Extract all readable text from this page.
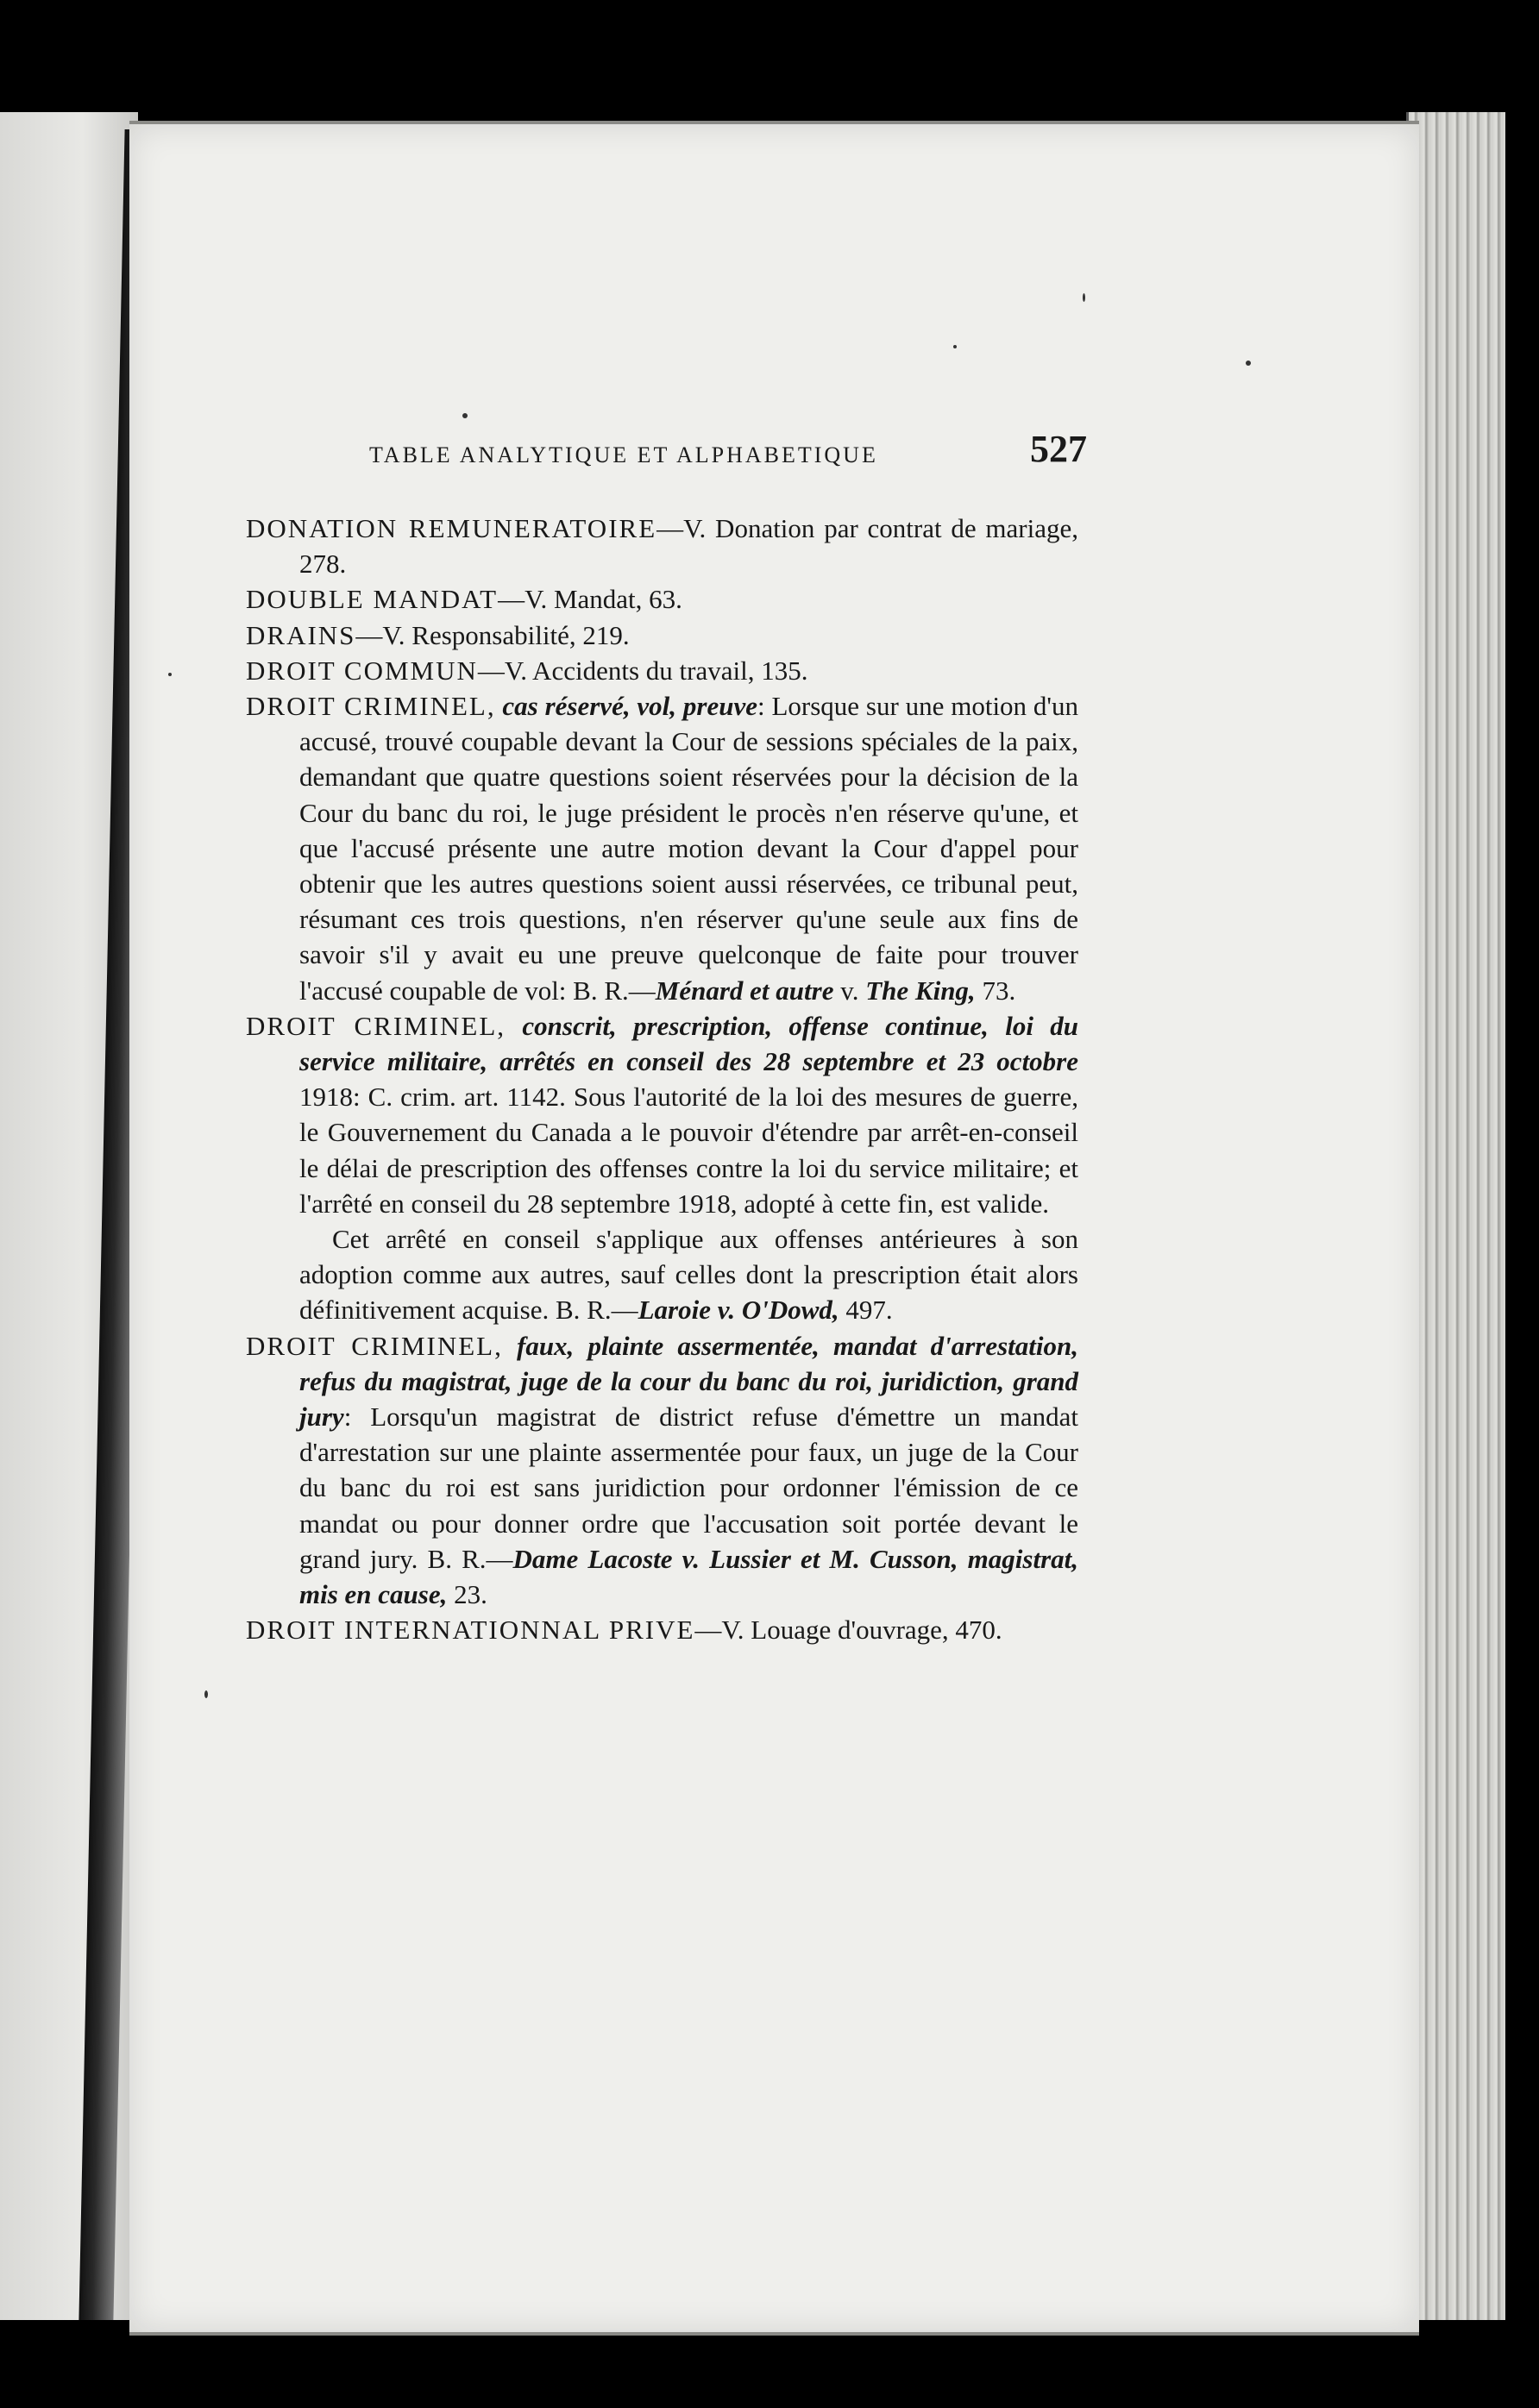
TABLE ANALYTIQUE ET ALPHABETIQUE	527

DONATION REMUNERATOIRE—V. Donation par contrat de mariage, 278.

DOUBLE MANDAT—V. Mandat, 63.

DRAINS—V. Responsabilité, 219.

DROIT COMMUN—V. Accidents du travail, 135.

DROIT CRIMINEL, cas réservé, vol, preuve: Lorsque sur une motion d'un accusé, trouvé coupable devant la Cour de sessions spéciales de la paix, demandant que quatre questions soient réservées pour la décision de la Cour du banc du roi, le juge président le procès n'en réserve qu'une, et que l'accusé présente une autre motion devant la Cour d'appel pour obtenir que les autres questions soient aussi réservées, ce tribunal peut, résumant ces trois questions, n'en réserver qu'une seule aux fins de savoir s'il y avait eu une preuve quelconque de faite pour trouver l'accusé coupable de vol: B. R.—Ménard et autre v. The King, 73.

DROIT CRIMINEL, conscrit, prescription, offense continue, loi du service militaire, arrêtés en conseil des 28 septembre et 23 octobre 1918: C. crim. art. 1142. Sous l'autorité de la loi des mesures de guerre, le Gouvernement du Canada a le pouvoir d'étendre par arrêt-en-conseil le délai de prescription des offenses contre la loi du service militaire; et l'arrêté en conseil du 28 septembre 1918, adopté à cette fin, est valide.

Cet arrêté en conseil s'applique aux offenses antérieures à son adoption comme aux autres, sauf celles dont la prescription était alors définitivement acquise. B. R.—Laroie v. O'Dowd, 497.

DROIT CRIMINEL, faux, plainte assermentée, mandat d'arrestation, refus du magistrat, juge de la cour du banc du roi, juridiction, grand jury: Lorsqu'un magistrat de district refuse d'émettre un mandat d'arrestation sur une plainte assermentée pour faux, un juge de la Cour du banc du roi est sans juridiction pour ordonner l'émission de ce mandat ou pour donner ordre que l'accusation soit portée devant le grand jury. B. R.—Dame Lacoste v. Lussier et M. Cusson, magistrat, mis en cause, 23.

DROIT INTERNATIONNAL PRIVE—V. Louage d'ouvrage, 470.
